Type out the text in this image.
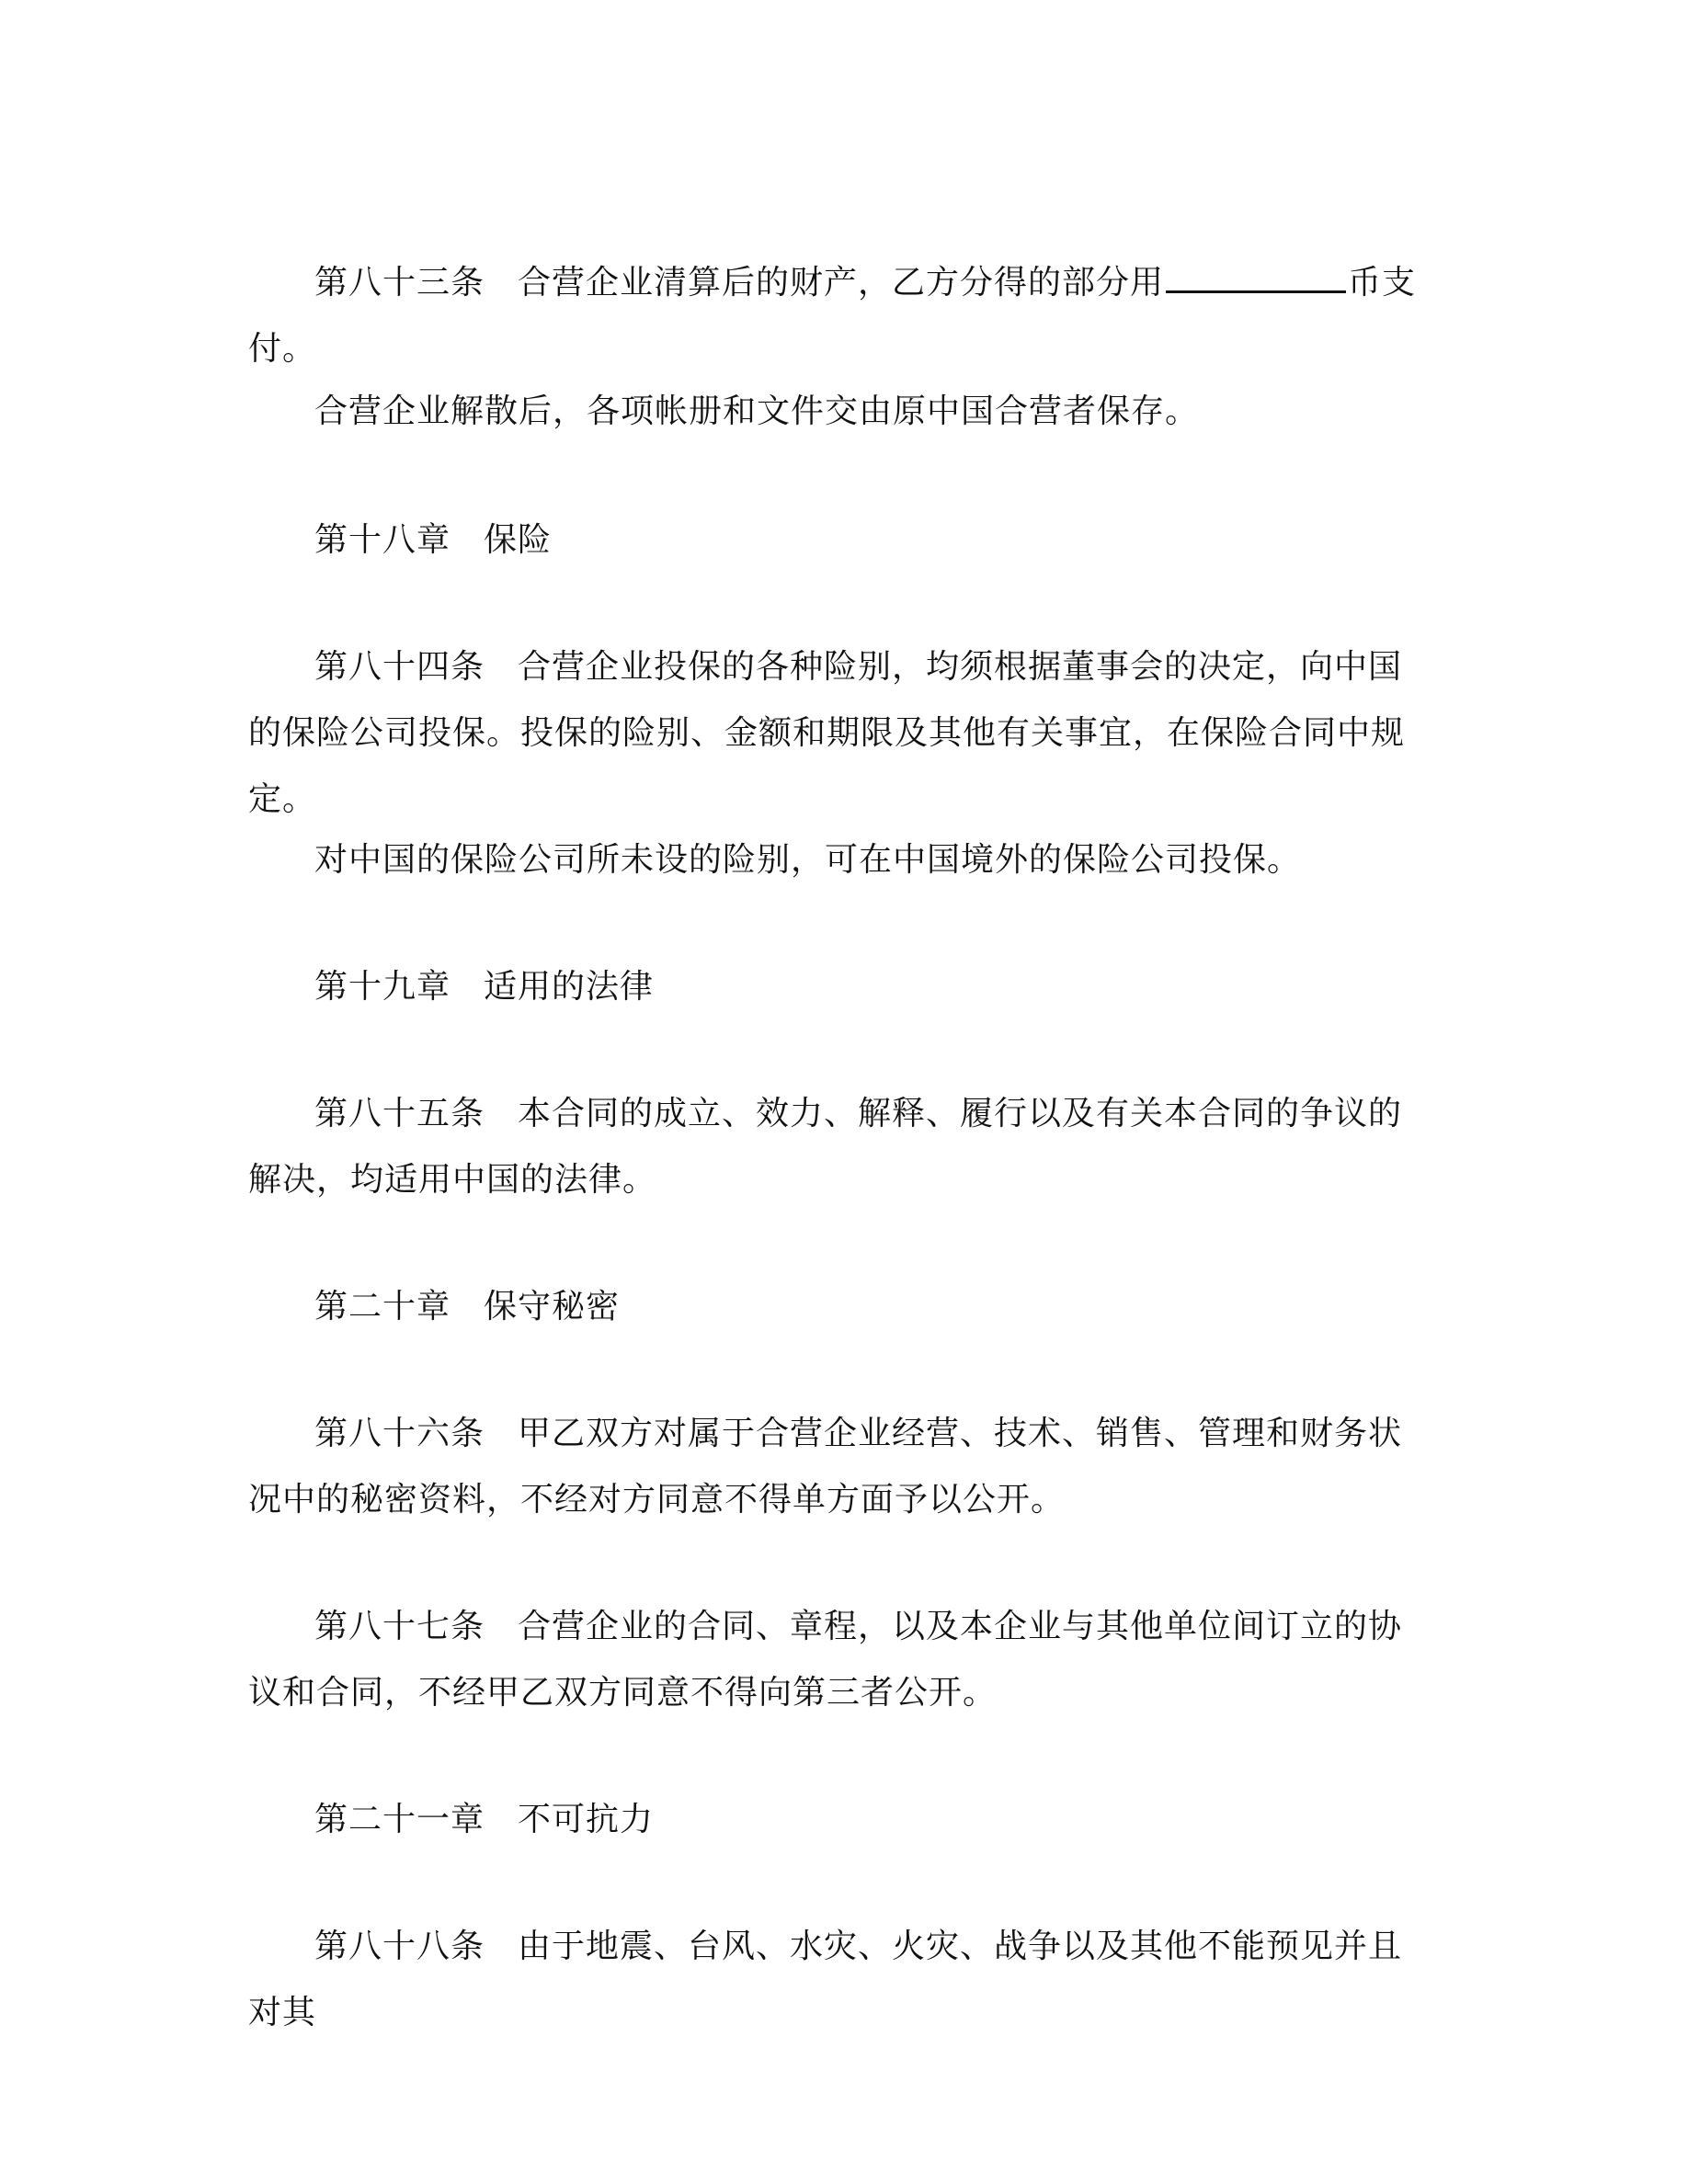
第八十三条 合营企业清算后的财产，乙方分得的部分用	币支付。

合营企业解散后，各项帐册和文件交由原中国合营者保存。

第十八章 保险

第八十四条 合营企业投保的各种险别，均须根据董事会的决定，向中国的保险公司投保。投保的险别、金额和期限及其他有关事宜，在保险合同中规定。

对中国的保险公司所未设的险别，可在中国境外的保险公司投保。

第十九章 适用的法律

第八十五条 本合同的成立、效力、解释、履行以及有关本合同的争议的解决，均适用中国的法律。

第二十章 保守秘密

第八十六条 甲乙双方对属于合营企业经营、技术、销售、管理和财务状况中的秘密资料，不经对方同意不得单方面予以公开。

第八十七条 合营企业的合同、章程，以及本企业与其他单位间订立的协议和合同，不经甲乙双方同意不得向第三者公开。

第二十一章 不可抗力

第八十八条 由于地震、台风、水灾、火灾、战争以及其他不能预见并且对其
